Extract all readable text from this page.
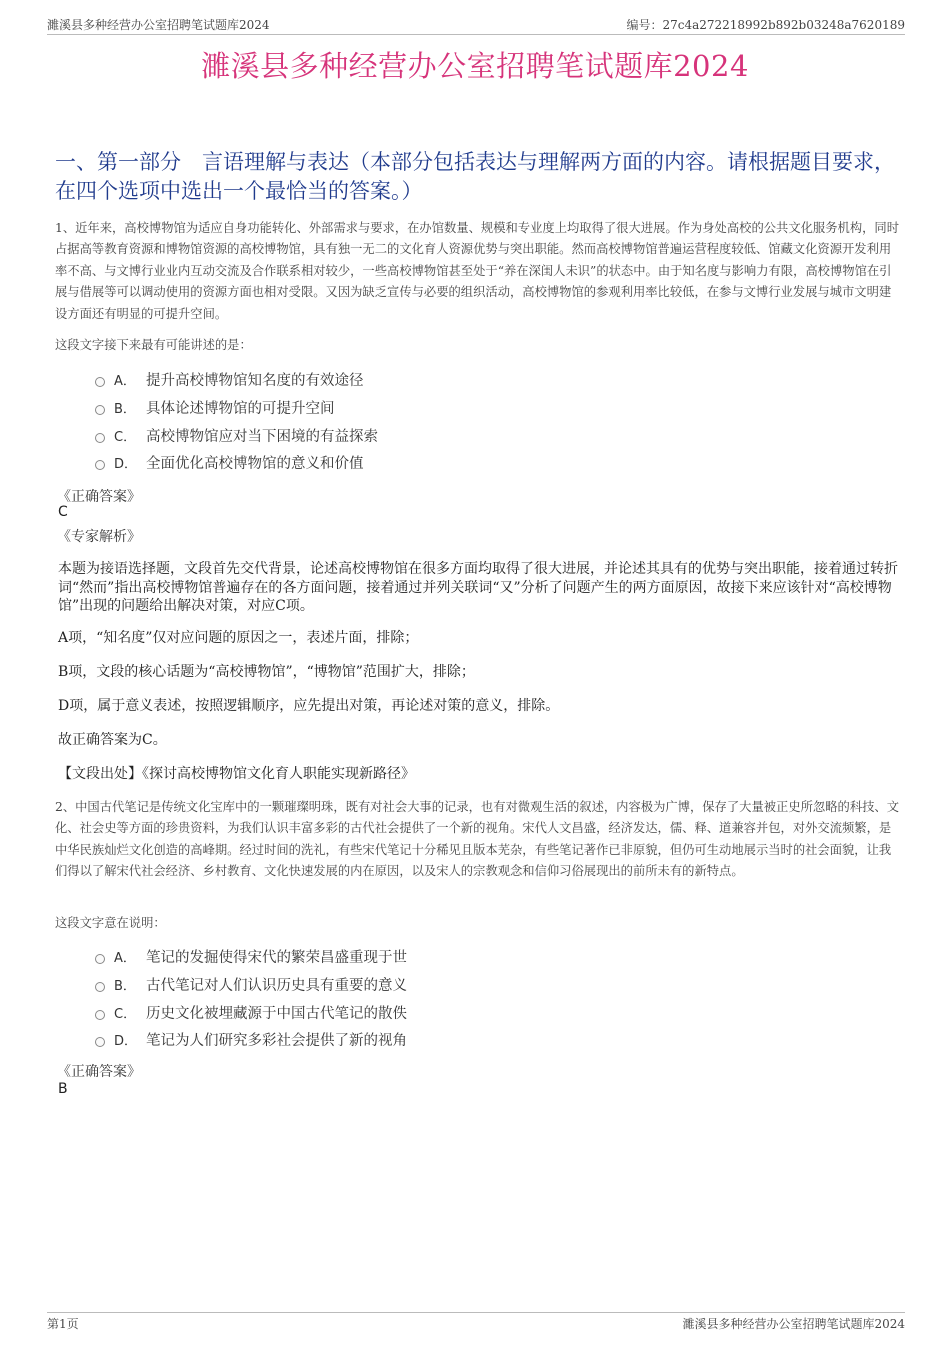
濉溪县多种经营办公室招聘笔试题库2024	编号：27c4a272218992b892b03248a7620189
濉溪县多种经营办公室招聘笔试题库2024
一、第一部分　言语理解与表达（本部分包括表达与理解两方面的内容。请根据题目要求，在四个选项中选出一个最恰当的答案。）
1、近年来，高校博物馆为适应自身功能转化、外部需求与要求，在办馆数量、规模和专业度上均取得了很大进展。作为身处高校的公共文化服务机构，同时占据高等教育资源和博物馆资源的高校博物馆，具有独一无二的文化育人资源优势与突出职能。然而高校博物馆普遍运营程度较低、馆藏文化资源开发利用率不高、与文博行业业内互动交流及合作联系相对较少，一些高校博物馆甚至处于“养在深闺人未识”的状态中。由于知名度与影响力有限，高校博物馆在引展与借展等可以调动使用的资源方面也相对受限。又因为缺乏宣传与必要的组织活动，高校博物馆的参观利用率比较低，在参与文博行业发展与城市文明建设方面还有明显的可提升空间。
这段文字接下来最有可能讲述的是：
A． 提升高校博物馆知名度的有效途径
B． 具体论述博物馆的可提升空间
C． 高校博物馆应对当下困境的有益探索
D． 全面优化高校博物馆的意义和价值
《正确答案》
C
《专家解析》
本题为接语选择题，文段首先交代背景，论述高校博物馆在很多方面均取得了很大进展，并论述其具有的优势与突出职能，接着通过转折词“然而”指出高校博物馆普遍存在的各方面问题，接着通过并列关联词“又”分析了问题产生的两方面原因，故接下来应该针对“高校博物馆”出现的问题给出解决对策，对应C项。
A项，“知名度”仅对应问题的原因之一，表述片面，排除；
B项，文段的核心话题为“高校博物馆”，“博物馆”范围扩大，排除；
D项，属于意义表述，按照逻辑顺序，应先提出对策，再论述对策的意义，排除。
故正确答案为C。
【文段出处】《探讨高校博物馆文化育人职能实现新路径》
2、中国古代笔记是传统文化宝库中的一颗璀璨明珠，既有对社会大事的记录，也有对微观生活的叙述，内容极为广博，保存了大量被正史所忽略的科技、文化、社会史等方面的珍贵资料，为我们认识丰富多彩的古代社会提供了一个新的视角。宋代人文昌盛，经济发达，儒、释、道兼容并包，对外交流频繁，是中华民族灿烂文化创造的高峰期。经过时间的洗礼，有些宋代笔记十分稀见且版本芜杂，有些笔记著作已非原貌，但仍可生动地展示当时的社会面貌，让我们得以了解宋代社会经济、乡村教育、文化快速发展的内在原因，以及宋人的宗教观念和信仰习俗展现出的前所未有的新特点。
这段文字意在说明：
A． 笔记的发掘使得宋代的繁荣昌盛重现于世
B． 古代笔记对人们认识历史具有重要的意义
C． 历史文化被埋藏源于中国古代笔记的散佚
D． 笔记为人们研究多彩社会提供了新的视角
《正确答案》
B
第1页	濉溪县多种经营办公室招聘笔试题库2024
